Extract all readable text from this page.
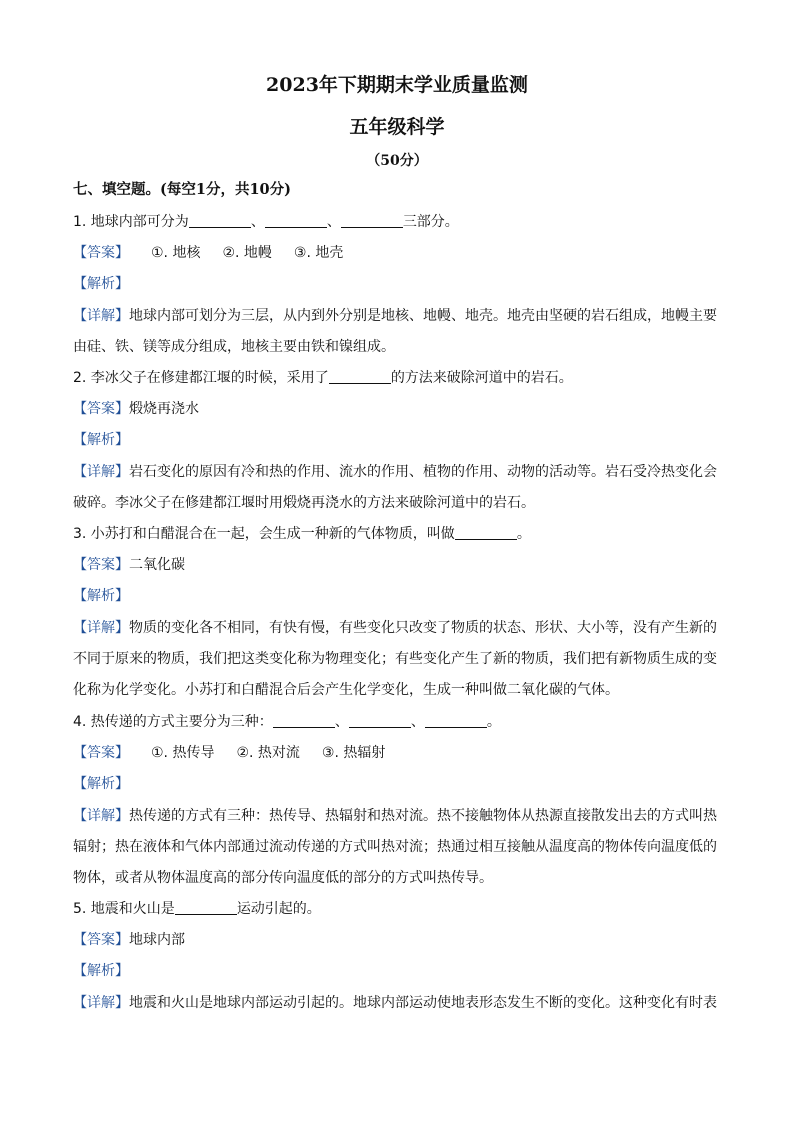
2023年下期期末学业质量监测
五年级科学
（50分）
七、填空题。(每空1分，共10分)
1. 地球内部可分为	、	、	三部分。
【答案】 ①. 地核 ②. 地幔 ③. 地壳
【解析】
【详解】地球内部可划分为三层，从内到外分别是地核、地幔、地壳。地壳由坚硬的岩石组成，地幔主要由硅、铁、镁等成分组成，地核主要由铁和镍组成。
2. 李冰父子在修建都江堰的时候，采用了	的方法来破除河道中的岩石。
【答案】煅烧再浇水
【解析】
【详解】岩石变化的原因有冷和热的作用、流水的作用、植物的作用、动物的活动等。岩石受冷热变化会破碎。李冰父子在修建都江堰时用煅烧再浇水的方法来破除河道中的岩石。
3. 小苏打和白醋混合在一起，会生成一种新的气体物质，叫做	。
【答案】二氧化碳
【解析】
【详解】物质的变化各不相同，有快有慢，有些变化只改变了物质的状态、形状、大小等，没有产生新的不同于原来的物质，我们把这类变化称为物理变化；有些变化产生了新的物质，我们把有新物质生成的变化称为化学变化。小苏打和白醋混合后会产生化学变化，生成一种叫做二氧化碳的气体。
4. 热传递的方式主要分为三种：	、	、	。
【答案】 ①. 热传导 ②. 热对流 ③. 热辐射
【解析】
【详解】热传递的方式有三种：热传导、热辐射和热对流。热不接触物体从热源直接散发出去的方式叫热辐射；热在液体和气体内部通过流动传递的方式叫热对流；热通过相互接触从温度高的物体传向温度低的物体，或者从物体温度高的部分传向温度低的部分的方式叫热传导。
5. 地震和火山是	运动引起的。
【答案】地球内部
【解析】
【详解】地震和火山是地球内部运动引起的。地球内部运动使地表形态发生不断的变化。这种变化有时表
